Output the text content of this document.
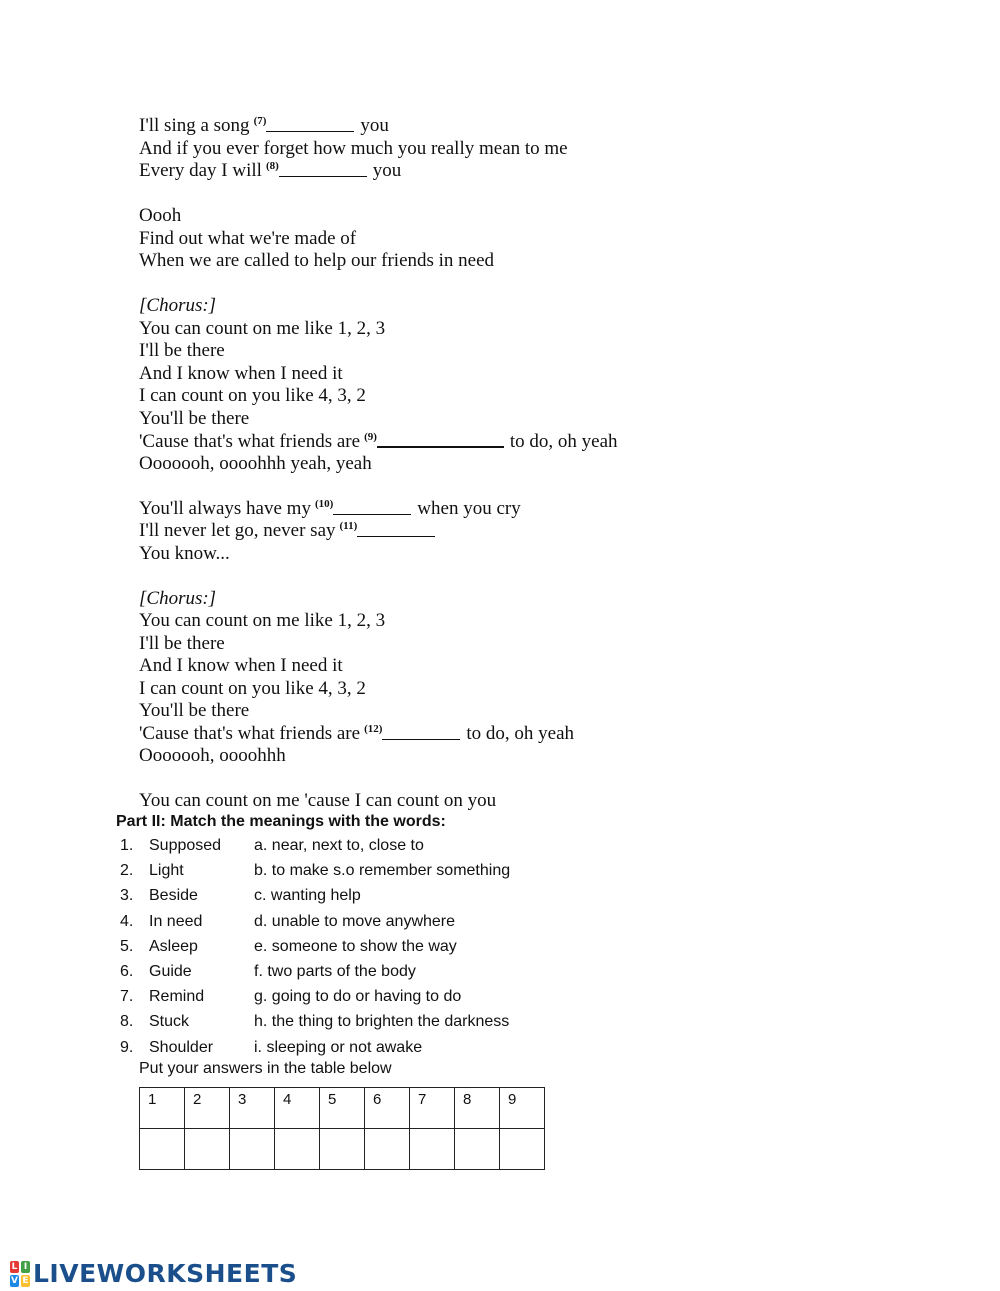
I'll sing a song $^{(7)}$	you
And if you ever forget how much you really mean to me
Every day I will $^{(8)}$	you
Oooh
Find out what we're made of
When we are called to help our friends in need
[Chorus:]
You can count on me like 1, 2, 3
I'll be there
And I know when I need it
I can count on you like 4, 3, 2
You'll be there
'Cause that's what friends are $^{(9)}$	to do, oh yeah
Ooooooh, oooohhh yeah, yeah
You'll always have my $^{(10)}$	when you cry
I'll never let go, never say $^{(11)}$
You know...
[Chorus:]
You can count on me like 1, 2, 3
I'll be there
And I know when I need it
I can count on you like 4, 3, 2
You'll be there
'Cause that's what friends are $^{(12)}$	to do, oh yeah
Ooooooh, oooohhh
You can count on me 'cause I can count on you
Part II: Match the meanings with the words:
1. Supposed a. near, next to, close to
2. Light	b. to make s.o remember something
3. Beside	c. wanting help
4. In need	d. unable to move anywhere
5. Asleep	e. someone to show the way
6. Guide	f. two parts of the body
7. Remind	g. going to do or having to do
8. Stuck	h. the thing to brighten the darkness
9. Shoulder	i. sleeping or not awake
Put your answers in the table below
1	2	3	4	5	6	7	8	9

L I
V E LIVEWORKSHEETS
